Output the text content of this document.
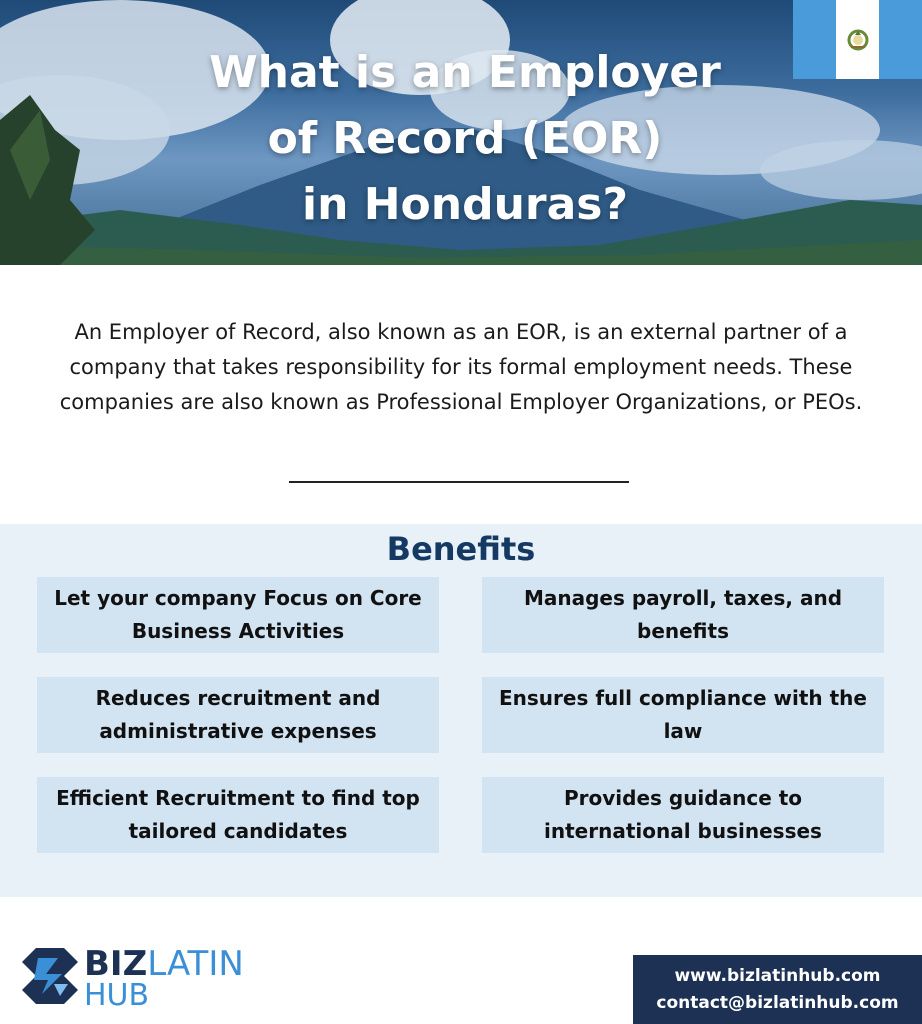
What is an Employer
of Record (EOR)
in Honduras?

An Employer of Record, also known as an EOR, is an external partner of a company that takes responsibility for its formal employment needs. These companies are also known as Professional Employer Organizations, or PEOs.

Benefits
Let your company Focus on Core Business Activities
Manages payroll, taxes, and benefits
Reduces recruitment and administrative expenses
Ensures full compliance with the law
Efficient Recruitment to find top tailored candidates
Provides guidance to international businesses
BIZLATIN
HUB
www.bizlatinhub.com
contact@bizlatinhub.com
